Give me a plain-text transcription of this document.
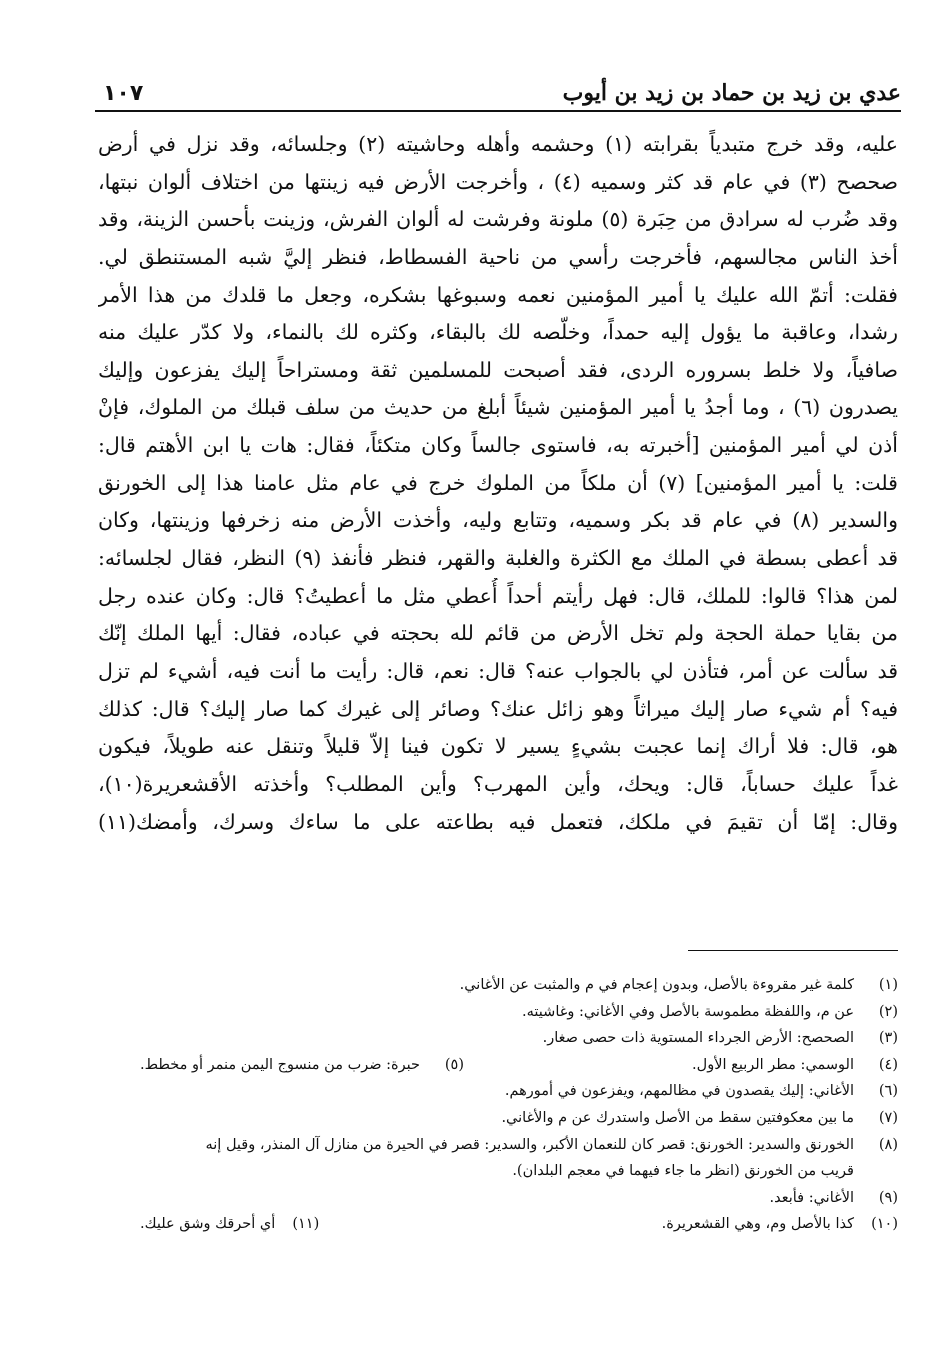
١٠٧	عدي بن زيد بن حماد بن زيد بن أيوب
عليه، وقد خرج متبدياً بقرابته (١) وحشمه وأهله وحاشيته (٢) وجلسائه، وقد نزل في أرض
صحصح (٣) في عام قد كثر وسميه (٤) ، وأخرجت الأرض فيه زينتها من اختلاف ألوان نبتها،
وقد ضُرب له سرادق من حِبَرة (٥) ملونة وفرشت له ألوان الفرش، وزينت بأحسن الزينة، وقد
أخذ الناس مجالسهم، فأخرجت رأسي من ناحية الفسطاط، فنظر إليَّ شبه المستنطق لي.
فقلت: أتمّ الله عليك يا أمير المؤمنين نعمه وسبوغها بشكره، وجعل ما قلدك من هذا الأمر
رشدا، وعاقبة ما يؤول إليه حمداً، وخلّصه لك بالبقاء، وكثره لك بالنماء، ولا كدّر عليك منه
صافياً، ولا خلط بسروره الردى، فقد أصبحت للمسلمين ثقة ومستراحاً إليك يفزعون وإليك
يصدرون (٦) ، وما أجدُ يا أمير المؤمنين شيئاً أبلغ من حديث من سلف قبلك من الملوك، فإنْ
أذن لي أمير المؤمنين [أخبرته به، فاستوى جالساً وكان متكئاً، فقال: هات يا ابن الأهتم قال:
قلت: يا أمير المؤمنين] (٧) أن ملكاً من الملوك خرج في عام مثل عامنا هذا إلى الخورنق
والسدير (٨) في عام قد بكر وسميه، وتتابع وليه، وأخذت الأرض منه زخرفها وزينتها، وكان
قد أعطى بسطة في الملك مع الكثرة والغلبة والقهر، فنظر فأنفذ (٩) النظر، فقال لجلسائه:
لمن هذا؟ قالوا: للملك، قال: فهل رأيتم أحداً أُعطي مثل ما أعطيتُ؟ قال: وكان عنده رجل
من بقايا حملة الحجة ولم تخل الأرض من قائم لله بحجته في عباده، فقال: أيها الملك إنّك
قد سألت عن أمر، فتأذن لي بالجواب عنه؟ قال: نعم، قال: رأيت ما أنت فيه، أشيء لم تزل
فيه؟ أم شيء صار إليك ميراثاً وهو زائل عنك؟ وصائر إلى غيرك كما صار إليك؟ قال: كذلك
هو، قال: فلا أراك إنما عجبت بشيءٍ يسير لا تكون فينا إلاّ قليلاً وتنقل عنه طويلاً، فيكون
غداً عليك حساباً، قال: ويحك، وأين المهرب؟ وأين المطلب؟ وأخذته الأقشعريرة(١٠)،
وقال: إمّا أن تقيمَ في ملكك، فتعمل فيه بطاعته على ما ساءك وسرك، وأمضك(١١)
(١)
كلمة غير مقروءة بالأصل، وبدون إعجام في م والمثبت عن الأغاني.
(٢)
عن م، واللفظة مطموسة بالأصل وفي الأغاني: وغاشيته.
(٣)
الصحصح: الأرض الجرداء المستوية ذات حصى صغار.
(٤)
الوسمي: مطر الربيع الأول.
(٥)
حبرة: ضرب من منسوج اليمن منمر أو مخطط.
(٦)
الأغاني: إليك يقصدون في مظالمهم، ويفزعون في أمورهم.
(٧)
ما بين معكوفتين سقط من الأصل واستدرك عن م والأغاني.
(٨)
الخورنق والسدير: الخورنق: قصر كان للنعمان الأكبر، والسدير: قصر في الحيرة من منازل آل المنذر، وقيل إنه
قريب من الخورنق (انظر ما جاء فيهما في معجم البلدان).
(٩)
الأغاني: فأبعد.
(١٠)
كذا بالأصل وم، وهي القشعريرة.
(١١)
أي أحرقك وشق عليك.
